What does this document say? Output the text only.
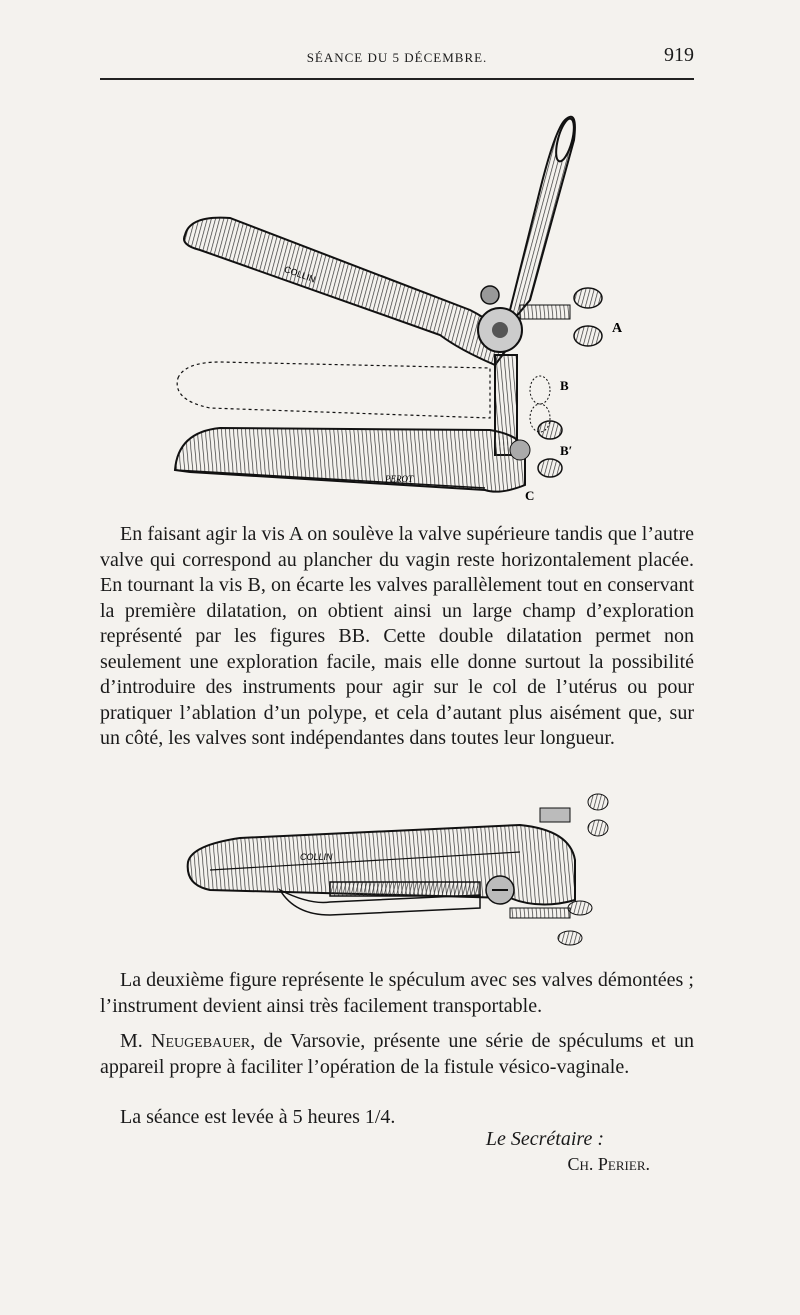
SÉANCE DU 5 DÉCEMBRE.	919
COLLIN
A
B
PEROT
B′
C

En faisant agir la vis A on soulève la valve supérieure tandis que l’autre valve qui correspond au plancher du vagin reste horizontalement placée. En tournant la vis B, on écarte les valves parallèlement tout en conservant la première dilatation, on obtient ainsi un large champ d’exploration représenté par les figures BB. Cette double dilatation permet non seulement une exploration facile, mais elle donne surtout la possibilité d’introduire des instruments pour agir sur le col de l’utérus ou pour pratiquer l’ablation d’un polype, et cela d’autant plus aisément que, sur un côté, les valves sont indépendantes dans toutes leur longueur.

COLLIN

La deuxième figure représente le spéculum avec ses valves démontées ; l’instrument devient ainsi très facilement transportable.

M. Neugebauer, de Varsovie, présente une série de spéculums et un appareil propre à faciliter l’opération de la fistule vésico-vaginale.

La séance est levée à 5 heures 1/4.

Le Secrétaire :
Ch. Perier.
